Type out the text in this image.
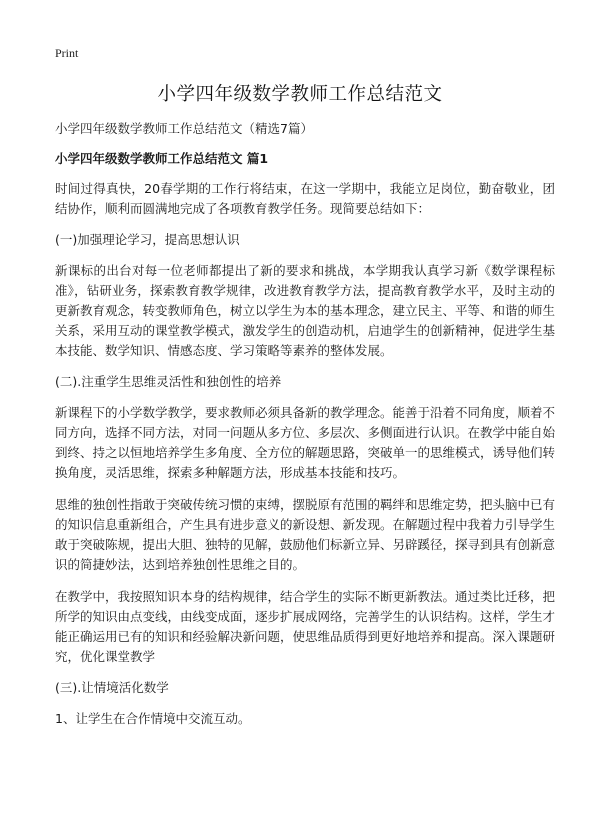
Print
小学四年级数学教师工作总结范文

小学四年级数学教师工作总结范文（精选7篇）

小学四年级数学教师工作总结范文 篇1

时间过得真快，20春学期的工作行将结束，在这一学期中，我能立足岗位，勤奋敬业，团结协作，顺利而圆满地完成了各项教育教学任务。现简要总结如下：

(一)加强理论学习，提高思想认识

新课标的出台对每一位老师都提出了新的要求和挑战，本学期我认真学习新《数学课程标准》，钻研业务，探索教育教学规律，改进教育教学方法，提高教育教学水平，及时主动的更新教育观念，转变教师角色，树立以学生为本的基本理念，建立民主、平等、和谐的师生关系，采用互动的课堂教学模式，激发学生的创造动机，启迪学生的创新精神，促进学生基本技能、数学知识、情感态度、学习策略等素养的整体发展。

(二).注重学生思维灵活性和独创性的培养

新课程下的小学数学教学，要求教师必须具备新的教学理念。能善于沿着不同角度，顺着不同方向，选择不同方法，对同一问题从多方位、多层次、多侧面进行认识。在教学中能自始到终、持之以恒地培养学生多角度、全方位的解题思路，突破单一的思维模式，诱导他们转换角度，灵活思维，探索多种解题方法，形成基本技能和技巧。

思维的独创性指敢于突破传统习惯的束缚，摆脱原有范围的羁绊和思维定势，把头脑中已有的知识信息重新组合，产生具有进步意义的新设想、新发现。在解题过程中我着力引导学生敢于突破陈规，提出大胆、独特的见解，鼓励他们标新立异、另辟蹊径，探寻到具有创新意识的简捷妙法，达到培养独创性思维之目的。

在教学中，我按照知识本身的结构规律，结合学生的实际不断更新教法。通过类比迁移，把所学的知识由点变线，由线变成面，逐步扩展成网络，完善学生的认识结构。这样，学生才能正确运用已有的知识和经验解决新问题，使思维品质得到更好地培养和提高。深入课题研究，优化课堂教学

(三).让情境活化数学

1、让学生在合作情境中交流互动。
